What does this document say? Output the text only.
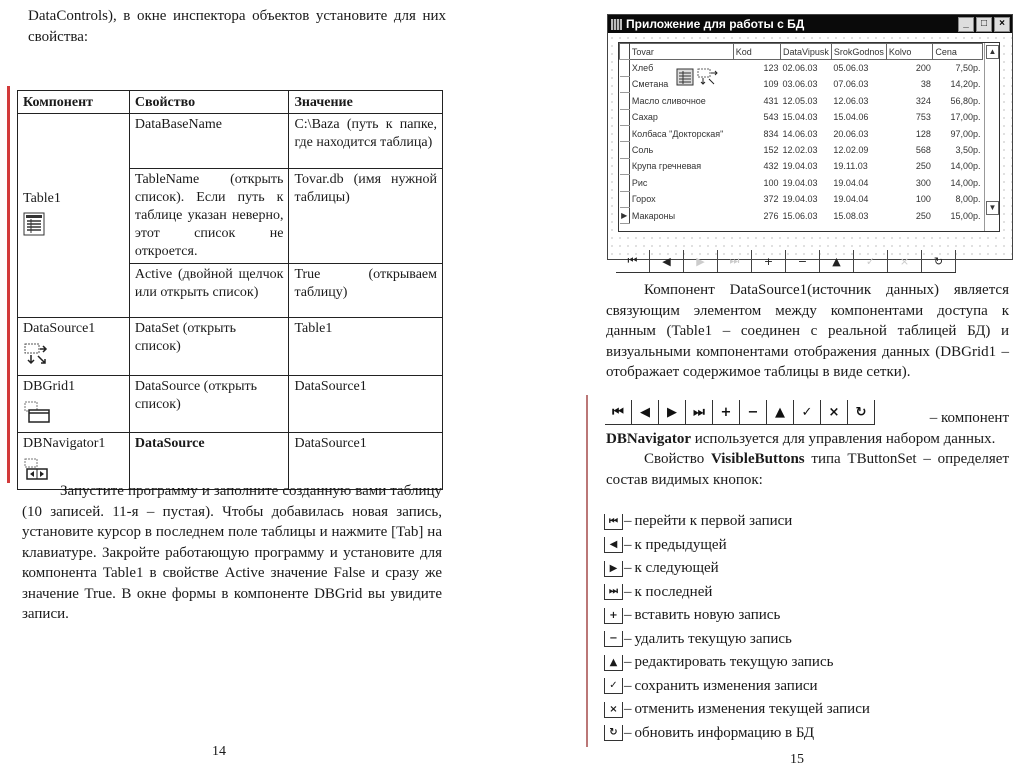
DataControls), в окне инспектора объектов установите для них свойства:
Компонент	Свойство	Значение

Table1	DataBaseName	C:\Baza (путь к папке, где находится таблица)
	TableName (открыть список). Если путь к таблице указан неверно, этот список не откроется.	Tovar.db (имя нужной таблицы)
	Active (двойной щелчок или открыть список)	True (открываем таблицу)

DataSource1	DataSet (открыть список)	Table1

DBGrid1	DataSource (открыть список)	DataSource1

DBNavigator1	DataSource	DataSource1
Запустите программу и заполните созданную вами таблицу (10 записей. 11-я – пустая). Чтобы добавилась новая запись, установите курсор в последнем поле таблицы и нажмите [Tab] на клавиатуре. Закройте работающую программу и установите для компонента Table1 в свойстве Active значение False и сразу же значение True. В окне формы в компоненте DBGrid вы увидите записи.
14
Приложение для работы с БД	_	□	×
	Tovar	Kod	DataVipusk	SrokGodnos	Kolvo	Cena
	Хлеб	123	02.06.03	05.06.03	200	7,50р.
	Сметана	109	03.06.03	07.06.03	38	14,20р.
	Масло сливочное	431	12.05.03	12.06.03	324	56,80р.
	Сахар	543	15.04.03	15.04.06	753	17,00р.
	Колбаса "Докторская"	834	14.06.03	20.06.03	128	97,00р.
	Соль	152	12.02.03	12.02.09	568	3,50р.
	Крупа гречневая	432	19.04.03	19.11.03	250	14,00р.
	Рис	100	19.04.03	19.04.04	300	14,00р.
	Горох	372	19.04.03	19.04.04	100	8,00р.
▶	Макароны	276	15.06.03	15.08.03	250	15,00р.
▲
▼
⏮	◀	▶	⏭	+	−	▲	✓	×	↻
Компонент DataSource1(источник данных) является связующим элементом между компонентами доступа к данным (Table1 – соединен с реальной таблицей БД) и визуальными компонентами отображения данных (DBGrid1 – отображает содержимое таблицы в виде сетки).
⏮	◀	▶	⏭	+	−	▲	✓	×	↻	– компонент
DBNavigator используется для управления набором данных.
Свойство VisibleButtons типа TButtonSet – определяет состав видимых кнопок:
⏮ – перейти к первой записи
◀ – к предыдущей
▶ – к следующей
⏭ – к последней
+ – вставить новую запись
− – удалить текущую запись
▲ – редактировать текущую запись
✓ – сохранить изменения записи
× – отменить изменения текущей записи
↻ – обновить информацию в БД
15
